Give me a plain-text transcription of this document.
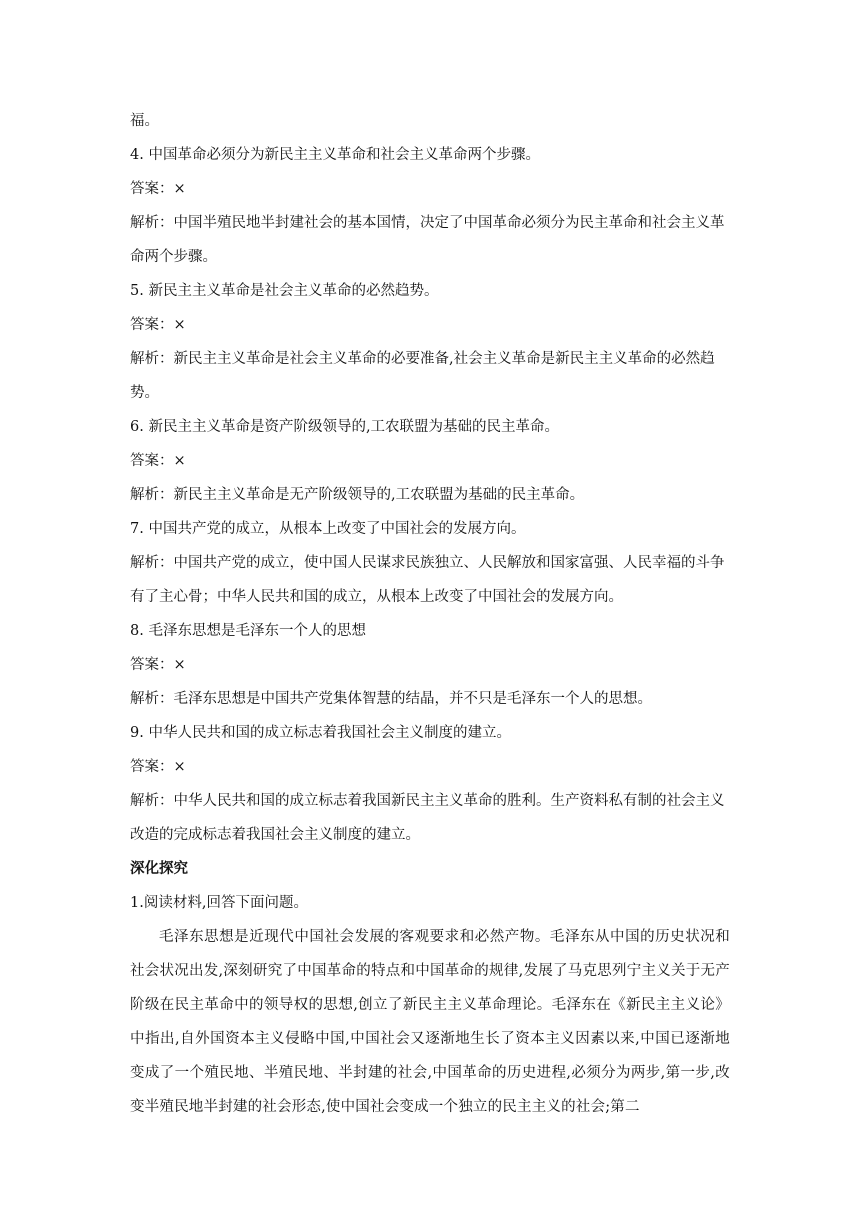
福。
4. 中国革命必须分为新民主主义革命和社会主义革命两个步骤。
答案：×
解析：中国半殖民地半封建社会的基本国情，决定了中国革命必须分为民主革命和社会主义革命两个步骤。
5. 新民主主义革命是社会主义革命的必然趋势。
答案：×
解析：新民主主义革命是社会主义革命的必要准备,社会主义革命是新民主主义革命的必然趋势。
6. 新民主主义革命是资产阶级领导的,工农联盟为基础的民主革命。
答案：×
解析：新民主主义革命是无产阶级领导的,工农联盟为基础的民主革命。
7. 中国共产党的成立，从根本上改变了中国社会的发展方向。
解析：中国共产党的成立，使中国人民谋求民族独立、人民解放和国家富强、人民幸福的斗争有了主心骨；中华人民共和国的成立，从根本上改变了中国社会的发展方向。
8. 毛泽东思想是毛泽东一个人的思想
答案：×
解析：毛泽东思想是中国共产党集体智慧的结晶，并不只是毛泽东一个人的思想。
9. 中华人民共和国的成立标志着我国社会主义制度的建立。
答案：×
解析：中华人民共和国的成立标志着我国新民主主义革命的胜利。生产资料私有制的社会主义改造的完成标志着我国社会主义制度的建立。
深化探究
1.阅读材料,回答下面问题。
毛泽东思想是近现代中国社会发展的客观要求和必然产物。毛泽东从中国的历史状况和社会状况出发,深刻研究了中国革命的特点和中国革命的规律,发展了马克思列宁主义关于无产阶级在民主革命中的领导权的思想,创立了新民主主义革命理论。毛泽东在《新民主主义论》中指出,自外国资本主义侵略中国,中国社会又逐渐地生长了资本主义因素以来,中国已逐渐地变成了一个殖民地、半殖民地、半封建的社会,中国革命的历史进程,必须分为两步,第一步,改变半殖民地半封建的社会形态,使中国社会变成一个独立的民主主义的社会;第二
